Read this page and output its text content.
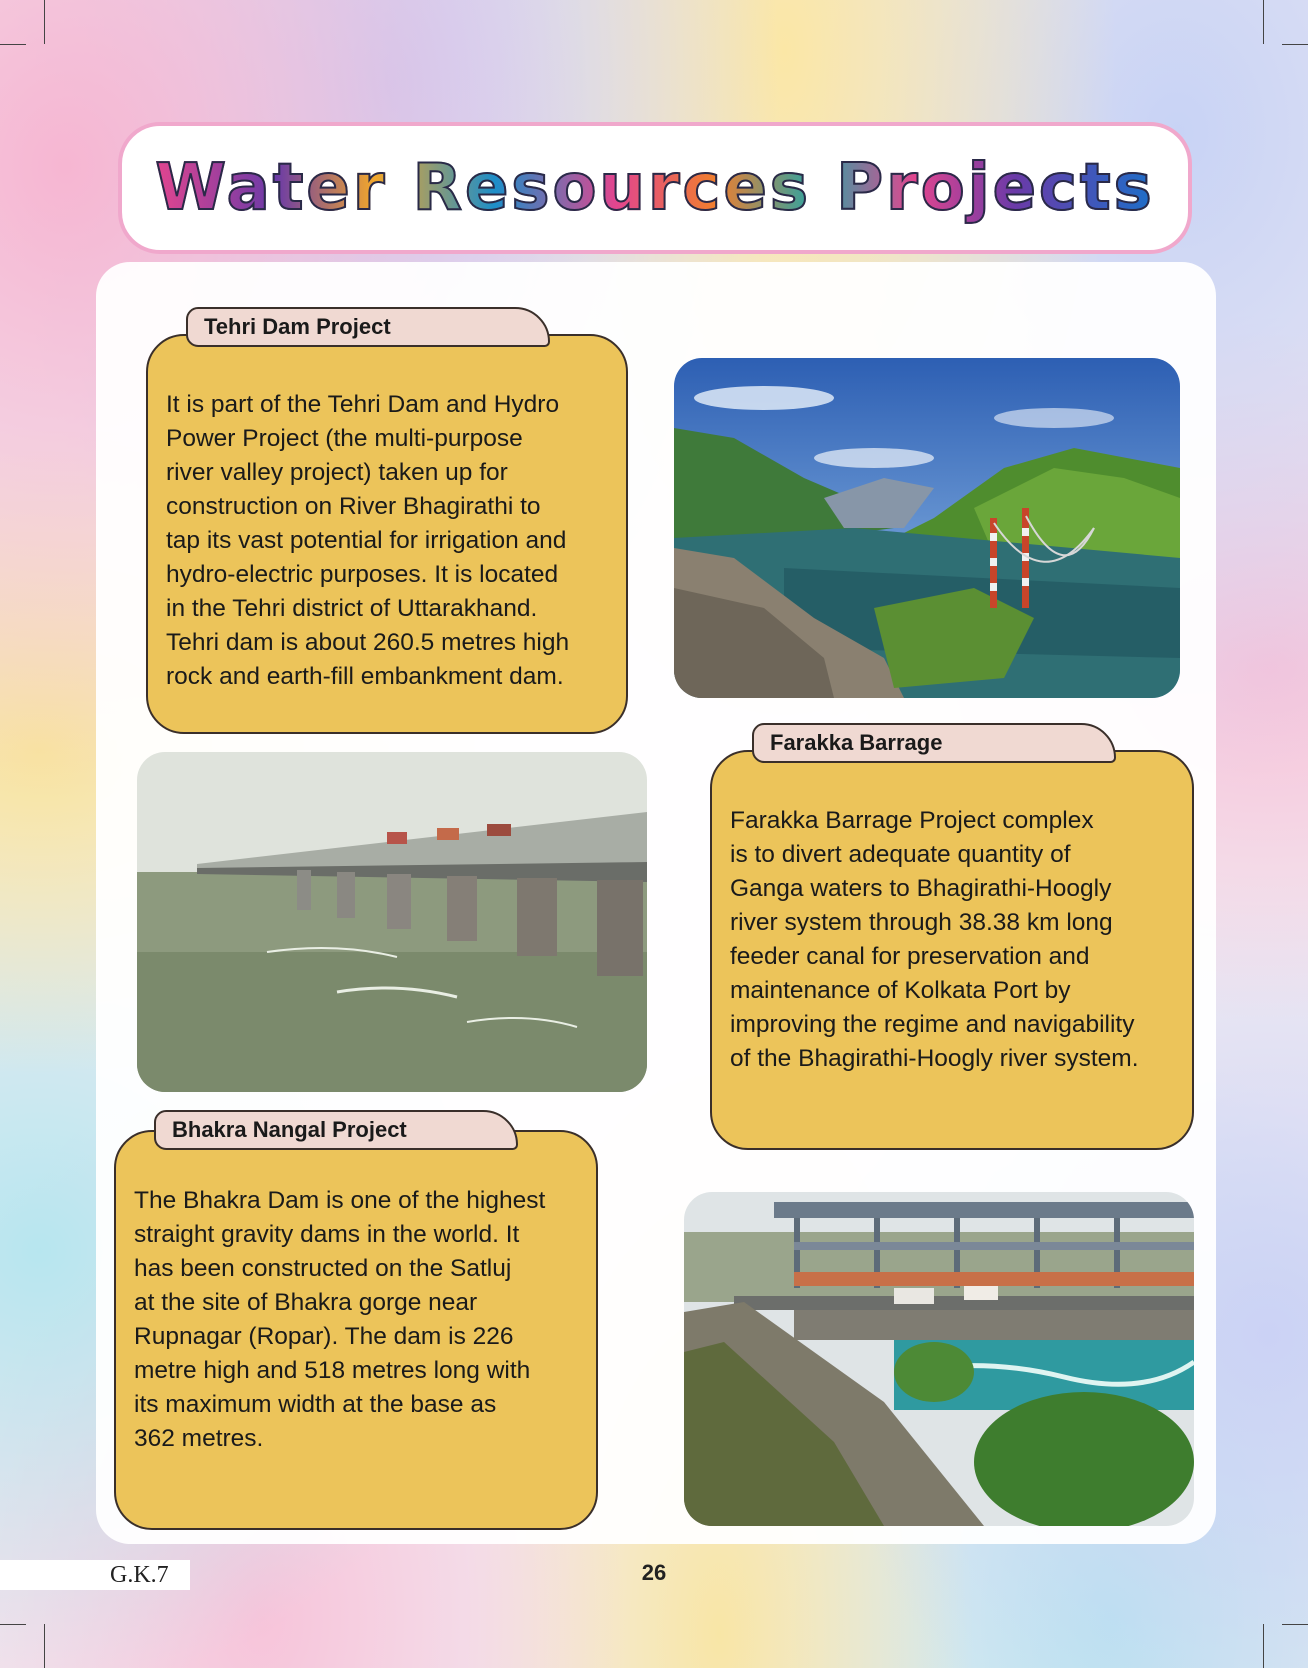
Water Resources Projects
Tehri Dam Project
It is part of the Tehri Dam and Hydro
Power Project (the multi-purpose
river valley project) taken up for
construction on River Bhagirathi to
tap its vast potential for irrigation and
hydro-electric purposes. It is located
in the Tehri district of Uttarakhand.
Tehri dam is about 260.5 metres high
rock and earth-fill embankment dam.
Farakka Barrage
Farakka Barrage Project complex
is to divert adequate quantity of
Ganga waters to Bhagirathi-Hoogly
river system through 38.38 km long
feeder canal for preservation and
maintenance of Kolkata Port by
improving the regime and navigability
of the Bhagirathi-Hoogly river system.
Bhakra Nangal Project
The Bhakra Dam is one of the highest
straight gravity dams in the world. It
has been constructed on the Satluj
at the site of Bhakra gorge near
Rupnagar (Ropar). The dam is 226
metre high and 518 metres long with
its maximum width at the base as
362 metres.
G.K.7	26
